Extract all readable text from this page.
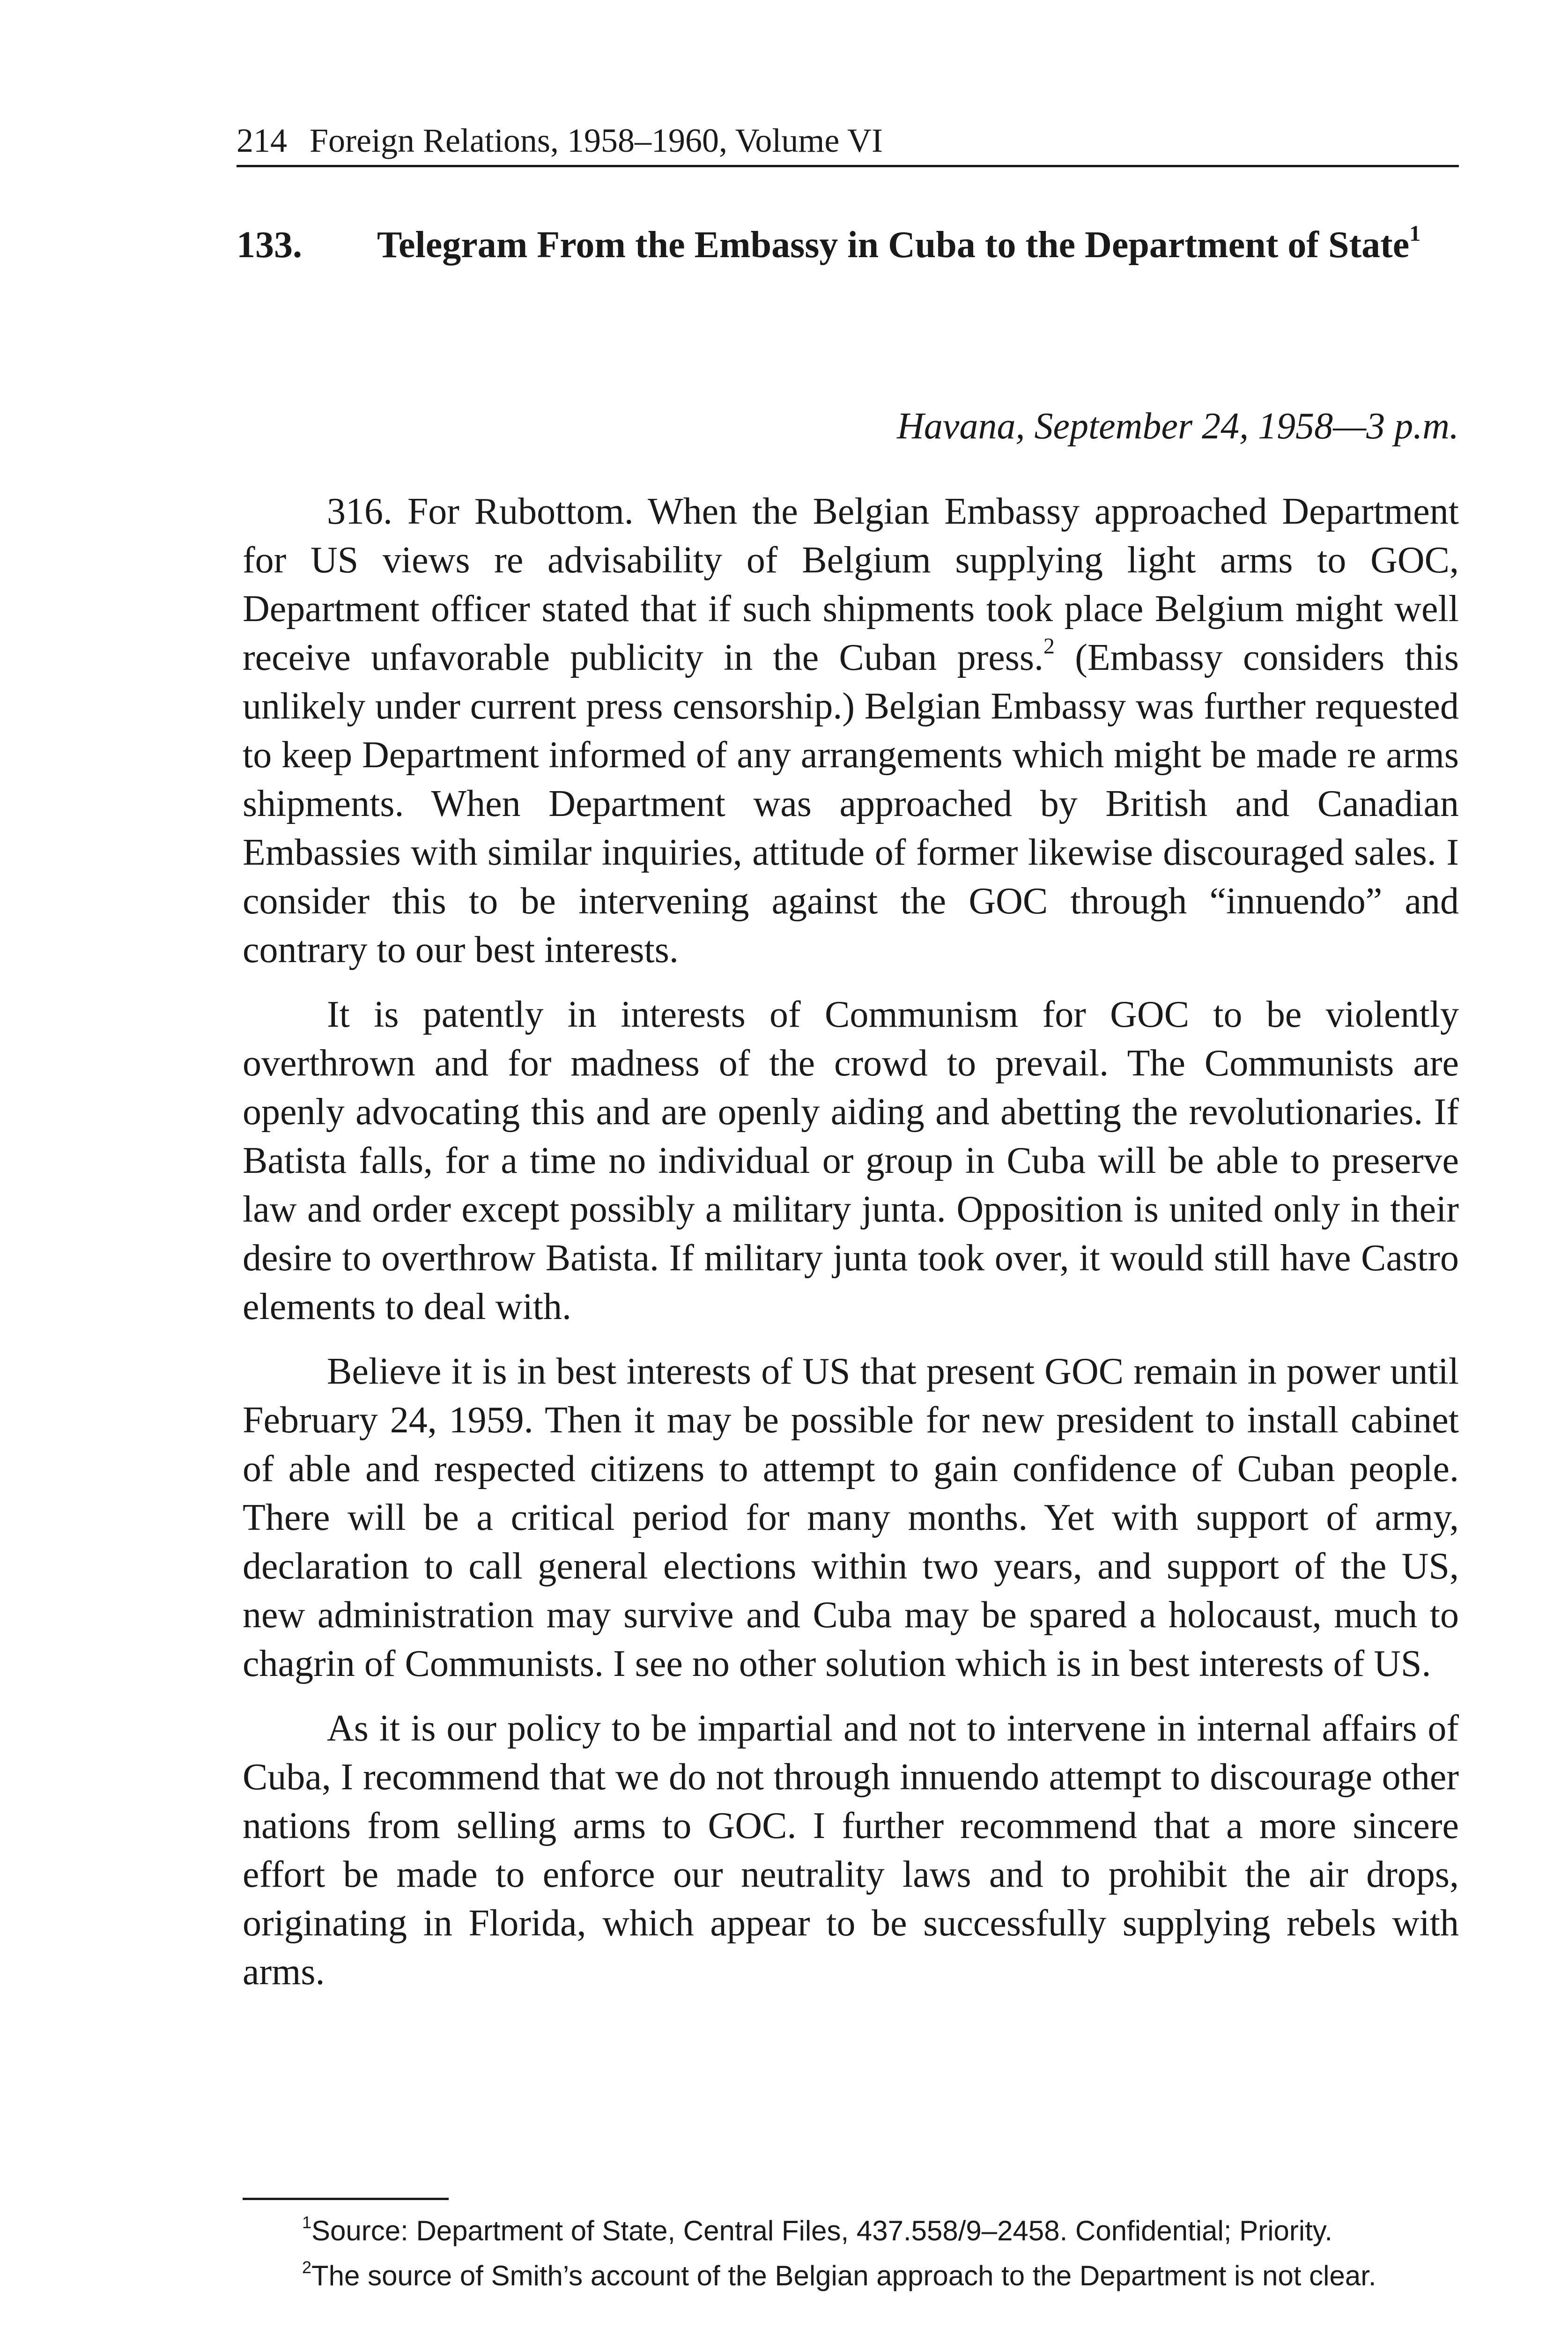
214 Foreign Relations, 1958–1960, Volume VI
133. Telegram From the Embassy in Cuba to the Department of State$^1$
Havana, September 24, 1958—3 p.m.

316. For Rubottom. When the Belgian Embassy approached Department for US views re advisability of Belgium supplying light arms to GOC, Department officer stated that if such shipments took place Belgium might well receive unfavorable publicity in the Cuban press.$^2$ (Embassy considers this unlikely under current press censorship.) Belgian Embassy was further requested to keep Department informed of any arrangements which might be made re arms shipments. When Department was approached by British and Canadian Embassies with similar inquiries, attitude of former likewise discouraged sales. I consider this to be intervening against the GOC through “innuendo” and contrary to our best interests.

It is patently in interests of Communism for GOC to be violently overthrown and for madness of the crowd to prevail. The Communists are openly advocating this and are openly aiding and abetting the revolutionaries. If Batista falls, for a time no individual or group in Cuba will be able to preserve law and order except possibly a military junta. Opposition is united only in their desire to overthrow Batista. If military junta took over, it would still have Castro elements to deal with.

Believe it is in best interests of US that present GOC remain in power until February 24, 1959. Then it may be possible for new president to install cabinet of able and respected citizens to attempt to gain confidence of Cuban people. There will be a critical period for many months. Yet with support of army, declaration to call general elections within two years, and support of the US, new administration may survive and Cuba may be spared a holocaust, much to chagrin of Communists. I see no other solution which is in best interests of US.

As it is our policy to be impartial and not to intervene in internal affairs of Cuba, I recommend that we do not through innuendo attempt to discourage other nations from selling arms to GOC. I further recommend that a more sincere effort be made to enforce our neutrality laws and to prohibit the air drops, originating in Florida, which appear to be successfully supplying rebels with arms.

$^1$Source: Department of State, Central Files, 437.558/9–2458. Confidential; Priority.

$^2$The source of Smith’s account of the Belgian approach to the Department is not clear.
